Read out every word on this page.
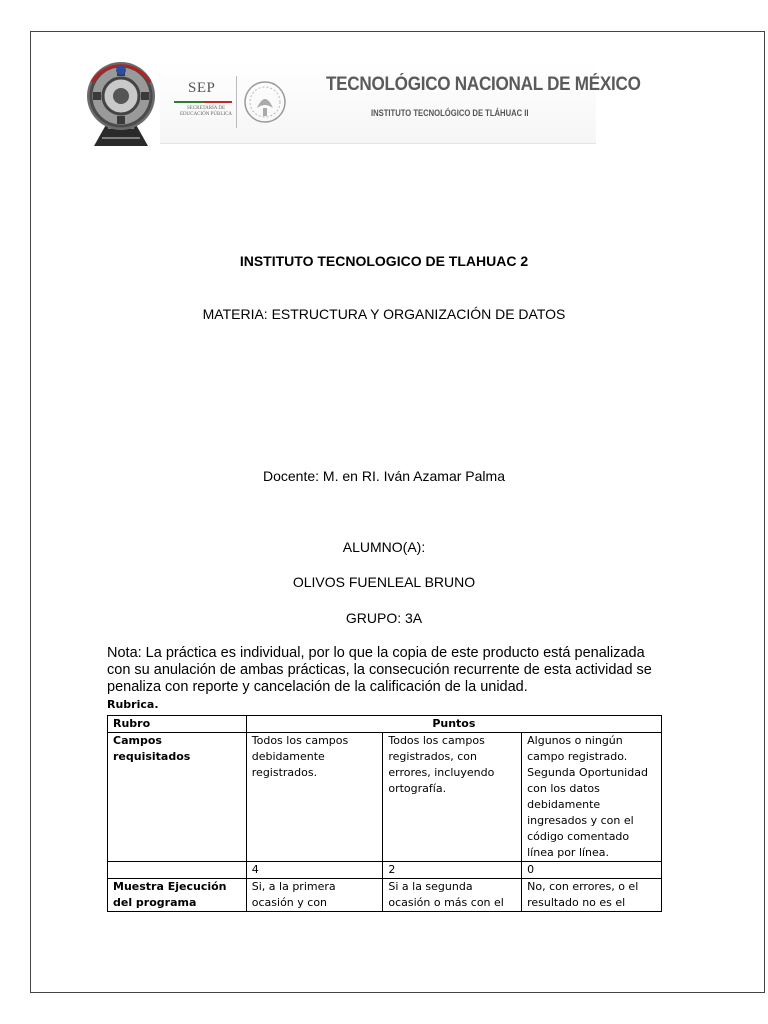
SEP
SECRETARÍA DE EDUCACIÓN PÚBLICA
TECNOLÓGICO NACIONAL DE MÉXICO
INSTITUTO TECNOLÓGICO DE TLÁHUAC II
INSTITUTO TECNOLOGICO DE TLAHUAC 2
MATERIA: ESTRUCTURA Y ORGANIZACIÓN DE DATOS
Docente: M. en RI. Iván Azamar Palma
ALUMNO(A):
OLIVOS FUENLEAL BRUNO
GRUPO: 3A
Nota: La práctica es individual, por lo que la copia de este producto está penalizada con su anulación de ambas prácticas, la consecución recurrente de esta actividad se penaliza con reporte y cancelación de la calificación de la unidad.
Rubrica.
Rubro	Puntos		
Campos requisitados	Todos los campos debidamente registrados.	Todos los campos registrados, con errores, incluyendo ortografía.	Algunos o ningún campo registrado. Segunda Oportunidad con los datos debidamente ingresados y con el código comentado línea por línea.
	4	2	0
Muestra Ejecución del programa	Si, a la primera ocasión y con	Si a la segunda ocasión o más con el	No, con errores, o el resultado no es el
